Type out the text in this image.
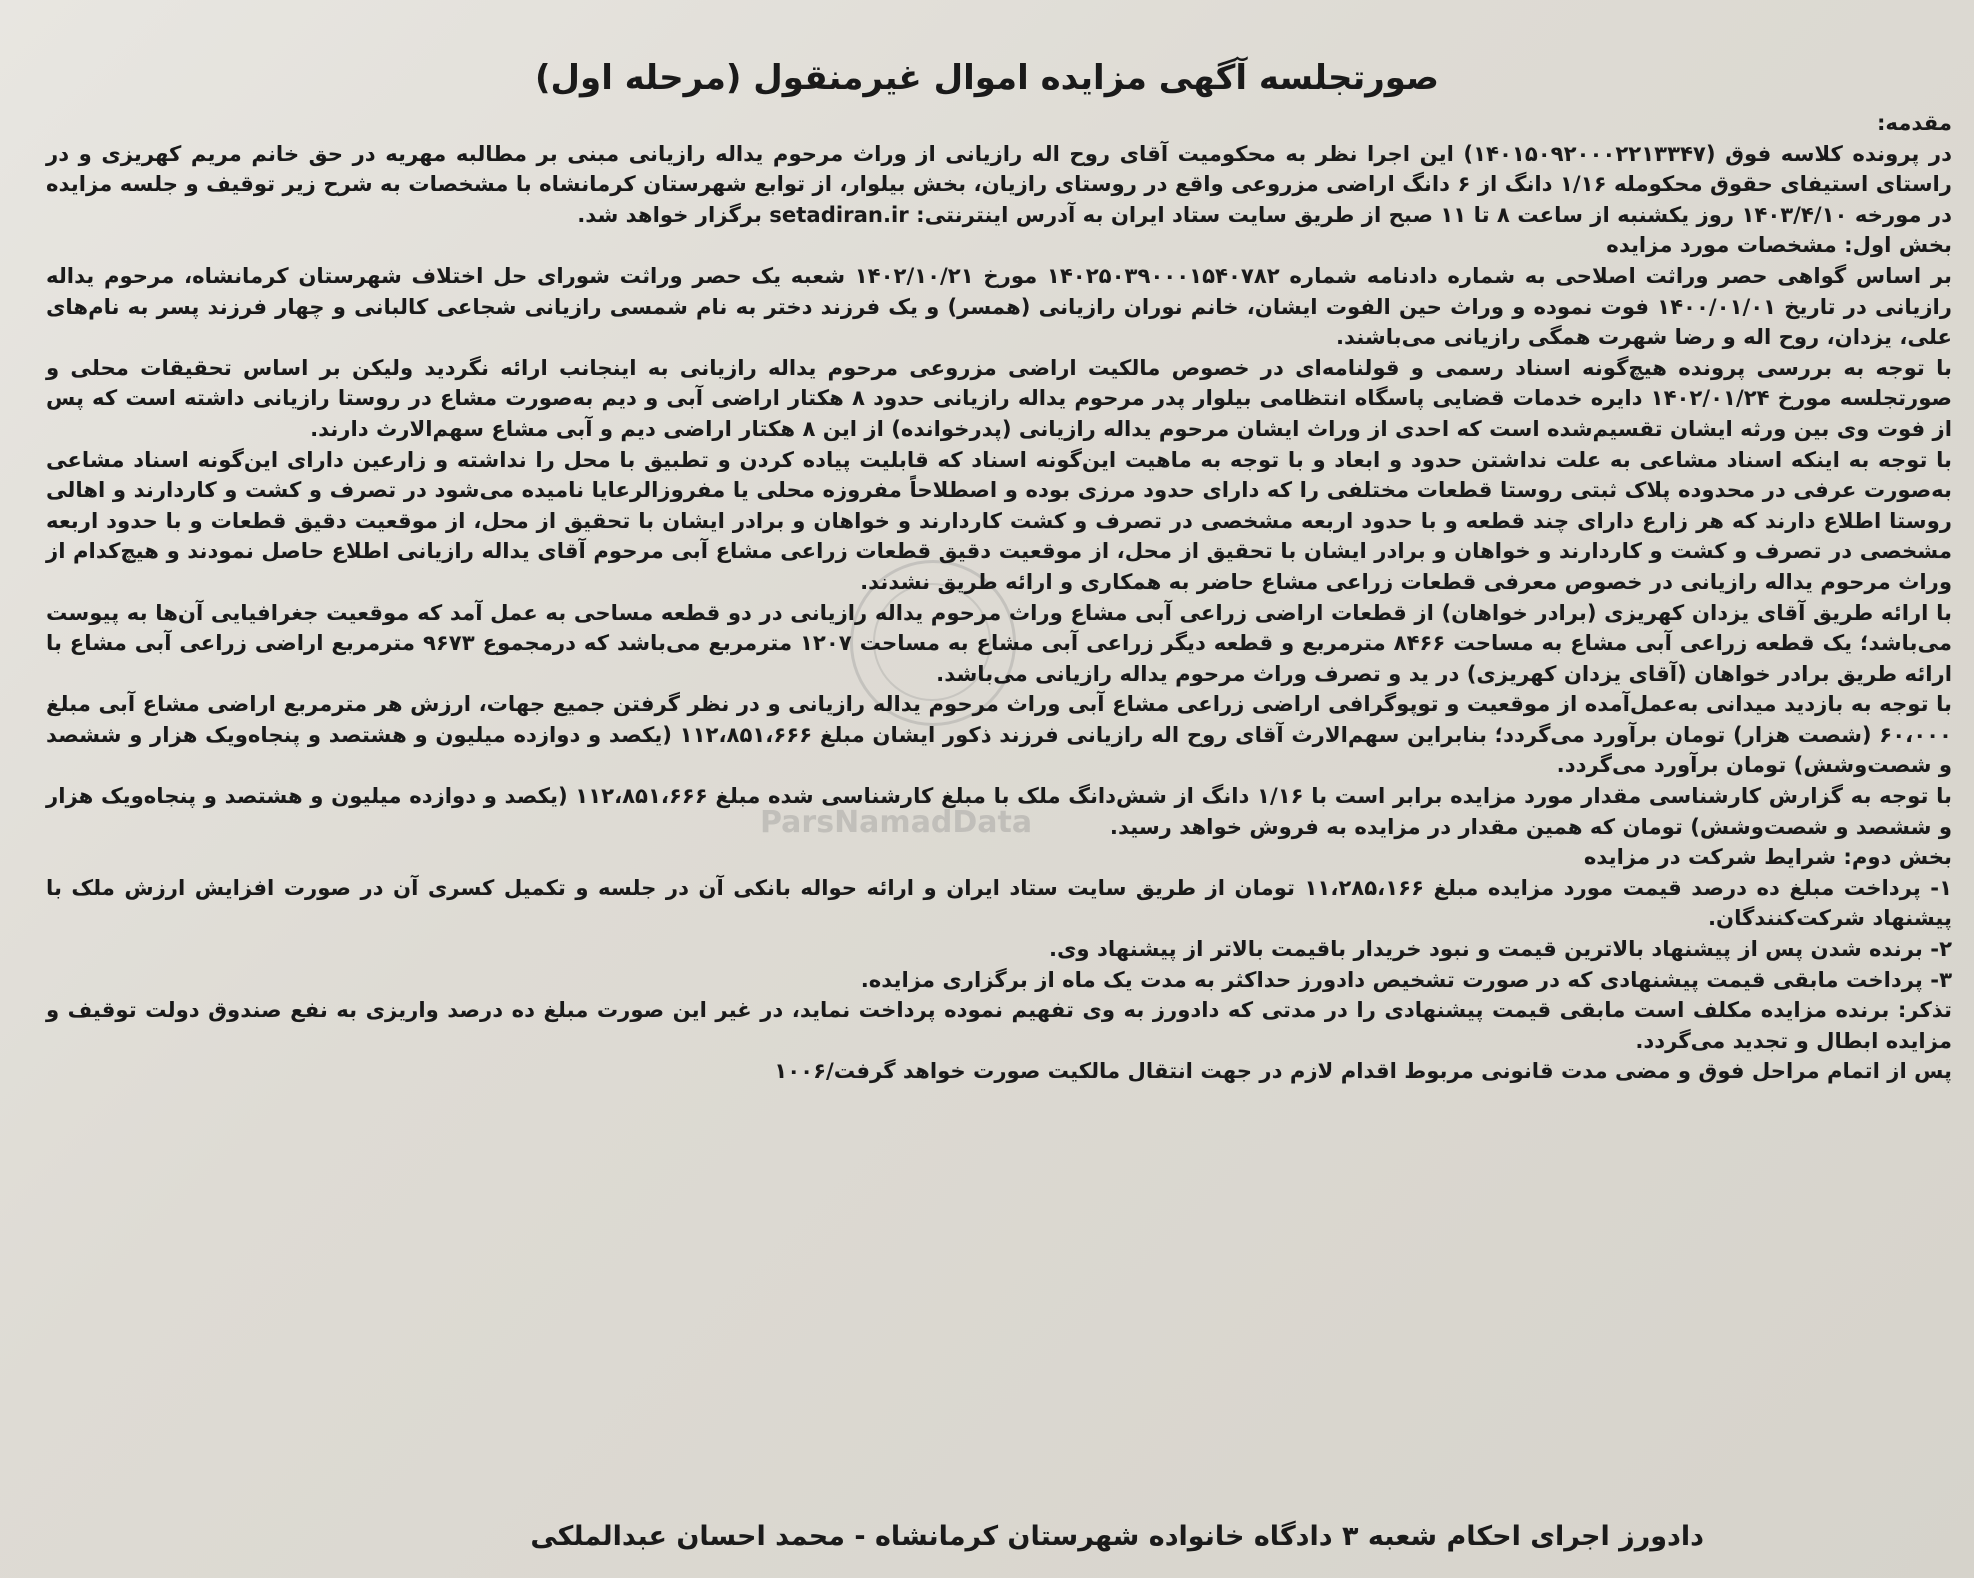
صورتجلسه آگهی مزایده اموال غیرمنقول (مرحله اول)
ParsNamadData

مقدمه:

در پرونده کلاسه فوق (۱۴۰۱۵۰۹۲۰۰۰۲۲۱۳۳۴۷) این اجرا نظر به محکومیت آقای روح اله رازیانی از وراث مرحوم یداله رازیانی مبنی بر مطالبه مهریه در حق خانم مریم کهریزی و در راستای استیفای حقوق محکومله ۱/۱۶ دانگ از ۶ دانگ اراضی مزروعی واقع در روستای رازیان، بخش بیلوار، از توابع شهرستان کرمانشاه با مشخصات به شرح زیر توقیف و جلسه مزایده در مورخه ۱۴۰۳/۴/۱۰ روز یکشنبه از ساعت ۸ تا ۱۱ صبح از طریق سایت ستاد ایران به آدرس اینترنتی: setadiran.ir برگزار خواهد شد.

بخش اول: مشخصات مورد مزایده

بر اساس گواهی حصر وراثت اصلاحی به شماره دادنامه شماره ۱۴۰۲۵۰۳۹۰۰۰۱۵۴۰۷۸۲ مورخ ۱۴۰۲/۱۰/۲۱ شعبه یک حصر وراثت شورای حل اختلاف شهرستان کرمانشاه، مرحوم یداله رازیانی در تاریخ ۱۴۰۰/۰۱/۰۱ فوت نموده و وراث حین الفوت ایشان، خانم نوران رازیانی (همسر) و یک فرزند دختر به نام شمسی رازیانی شجاعی کالبانی و چهار فرزند پسر به نام‌های علی، یزدان، روح اله و رضا شهرت همگی رازیانی می‌باشند.

با توجه به بررسی پرونده هیچ‌گونه اسناد رسمی و قولنامه‌ای در خصوص مالکیت اراضی مزروعی مرحوم یداله رازیانی به اینجانب ارائه نگردید ولیکن بر اساس تحقیقات محلی و صورتجلسه مورخ ۱۴۰۲/۰۱/۲۴ دایره خدمات قضایی پاسگاه انتظامی بیلوار پدر مرحوم یداله رازیانی حدود ۸ هکتار اراضی آبی و دیم به‌صورت مشاع در روستا رازیانی داشته است که پس از فوت وی بین ورثه ایشان تقسیم‌شده است که احدی از وراث ایشان مرحوم یداله رازیانی (پدرخوانده) از این ۸ هکتار اراضی دیم و آبی مشاع سهم‌الارث دارند.

با توجه به اینکه اسناد مشاعی به علت نداشتن حدود و ابعاد و با توجه به ماهیت این‌گونه اسناد که قابلیت پیاده کردن و تطبیق با محل را نداشته و زارعین دارای این‌گونه اسناد مشاعی به‌صورت عرفی در محدوده پلاک ثبتی روستا قطعات مختلفی را که دارای حدود مرزی بوده و اصطلاحاً مفروزه محلی یا مفروزالرعایا نامیده می‌شود در تصرف و کشت و کاردارند و اهالی روستا اطلاع دارند که هر زارع دارای چند قطعه و با حدود اربعه مشخصی در تصرف و کشت کاردارند و خواهان و برادر ایشان با تحقیق از محل، از موقعیت دقیق قطعات و با حدود اربعه مشخصی در تصرف و کشت و کاردارند و خواهان و برادر ایشان با تحقیق از محل، از موقعیت دقیق قطعات زراعی مشاع آبی مرحوم آقای یداله رازیانی اطلاع حاصل نمودند و هیچ‌کدام از وراث مرحوم یداله رازیانی در خصوص معرفی قطعات زراعی مشاع حاضر به همکاری و ارائه طریق نشدند.

با ارائه طریق آقای یزدان کهریزی (برادر خواهان) از قطعات اراضی زراعی آبی مشاع وراث مرحوم یداله رازیانی در دو قطعه مساحی به عمل آمد که موقعیت جغرافیایی آن‌ها به پیوست می‌باشد؛ یک قطعه زراعی آبی مشاع به مساحت ۸۴۶۶ مترمربع و قطعه دیگر زراعی آبی مشاع به مساحت ۱۲۰۷ مترمربع می‌باشد که درمجموع ۹۶۷۳ مترمربع اراضی زراعی آبی مشاع با ارائه طریق برادر خواهان (آقای یزدان کهریزی) در ید و تصرف وراث مرحوم یداله رازیانی می‌باشد.

با توجه به بازدید میدانی به‌عمل‌آمده از موقعیت و توپوگرافی اراضی زراعی مشاع آبی وراث مرحوم یداله رازیانی و در نظر گرفتن جمیع جهات، ارزش هر مترمربع اراضی مشاع آبی مبلغ ۶۰،۰۰۰ (شصت هزار) تومان برآورد می‌گردد؛ بنابراین سهم‌الارث آقای روح اله رازیانی فرزند ذکور ایشان مبلغ ۱۱۲،۸۵۱،۶۶۶ (یکصد و دوازده میلیون و هشتصد و پنجاه‌ویک هزار و ششصد و شصت‌وشش) تومان برآورد می‌گردد.

با توجه به گزارش کارشناسی مقدار مورد مزایده برابر است با ۱/۱۶ دانگ از شش‌دانگ ملک با مبلغ کارشناسی شده مبلغ ۱۱۲،۸۵۱،۶۶۶ (یکصد و دوازده میلیون و هشتصد و پنجاه‌ویک هزار و ششصد و شصت‌وشش) تومان که همین مقدار در مزایده به فروش خواهد رسید.

بخش دوم: شرایط شرکت در مزایده

۱- پرداخت مبلغ ده درصد قیمت مورد مزایده مبلغ ۱۱،۲۸۵،۱۶۶ تومان از طریق سایت ستاد ایران و ارائه حواله بانکی آن در جلسه و تکمیل کسری آن در صورت افزایش ارزش ملک با پیشنهاد شرکت‌کنندگان.

۲- برنده شدن پس از پیشنهاد بالاترین قیمت و نبود خریدار باقیمت بالاتر از پیشنهاد وی.

۳- پرداخت مابقی قیمت پیشنهادی که در صورت تشخیص دادورز حداکثر به مدت یک ماه از برگزاری مزایده.

تذکر: برنده مزایده مکلف است مابقی قیمت پیشنهادی را در مدتی که دادورز به وی تفهیم نموده پرداخت نماید، در غیر این صورت مبلغ ده درصد واریزی به نفع صندوق دولت توقیف و مزایده ابطال و تجدید می‌گردد.

پس از اتمام مراحل فوق و مضی مدت قانونی مربوط اقدام لازم در جهت انتقال مالکیت صورت خواهد گرفت/۱۰۰۶

دادورز اجرای احکام شعبه ۳ دادگاه خانواده شهرستان کرمانشاه - محمد احسان عبدالملکی
